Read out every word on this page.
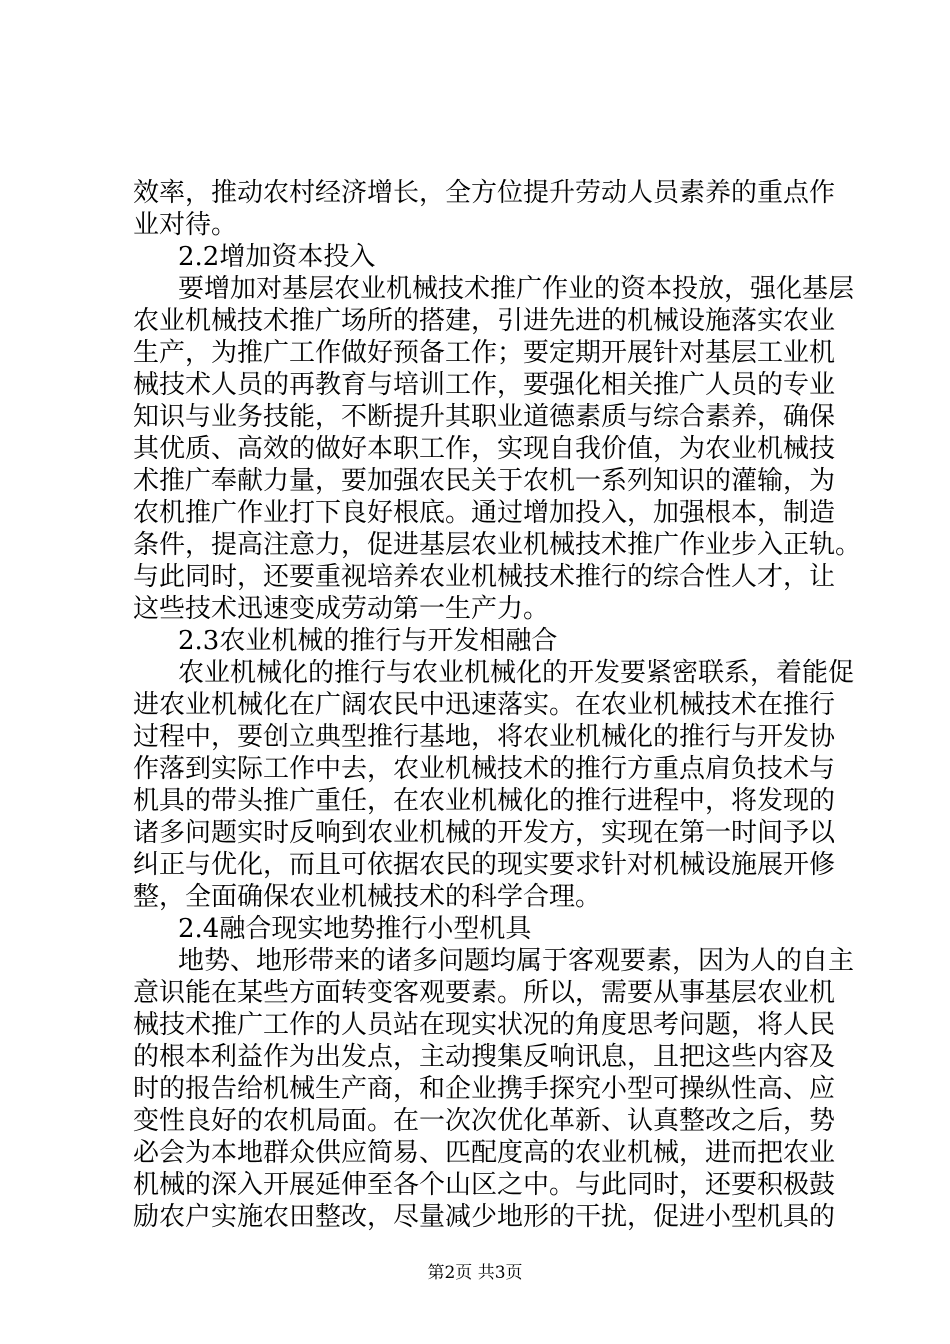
效率，推动农村经济增长，全方位提升劳动人员素养的重点作

业对待。

2.2增加资本投入

要增加对基层农业机械技术推广作业的资本投放，强化基层

农业机械技术推广场所的搭建，引进先进的机械设施落实农业

生产，为推广工作做好预备工作；要定期开展针对基层工业机

械技术人员的再教育与培训工作，要强化相关推广人员的专业

知识与业务技能，不断提升其职业道德素质与综合素养，确保

其优质、高效的做好本职工作，实现自我价值，为农业机械技

术推广奉献力量，要加强农民关于农机一系列知识的灌输，为

农机推广作业打下良好根底。通过增加投入，加强根本，制造

条件，提高注意力，促进基层农业机械技术推广作业步入正轨。

与此同时，还要重视培养农业机械技术推行的综合性人才，让

这些技术迅速变成劳动第一生产力。

2.3农业机械的推行与开发相融合

农业机械化的推行与农业机械化的开发要紧密联系，着能促

进农业机械化在广阔农民中迅速落实。在农业机械技术在推行

过程中，要创立典型推行基地，将农业机械化的推行与开发协

作落到实际工作中去，农业机械技术的推行方重点肩负技术与

机具的带头推广重任，在农业机械化的推行进程中，将发现的

诸多问题实时反响到农业机械的开发方，实现在第一时间予以

纠正与优化，而且可依据农民的现实要求针对机械设施展开修

整，全面确保农业机械技术的科学合理。

2.4融合现实地势推行小型机具

地势、地形带来的诸多问题均属于客观要素，因为人的自主

意识能在某些方面转变客观要素。所以，需要从事基层农业机

械技术推广工作的人员站在现实状况的角度思考问题，将人民

的根本利益作为出发点，主动搜集反响讯息，且把这些内容及

时的报告给机械生产商，和企业携手探究小型可操纵性高、应

变性良好的农机局面。在一次次优化革新、认真整改之后，势

必会为本地群众供应简易、匹配度高的农业机械，进而把农业

机械的深入开展延伸至各个山区之中。与此同时，还要积极鼓

励农户实施农田整改，尽量减少地形的干扰，促进小型机具的

第2页 共3页
